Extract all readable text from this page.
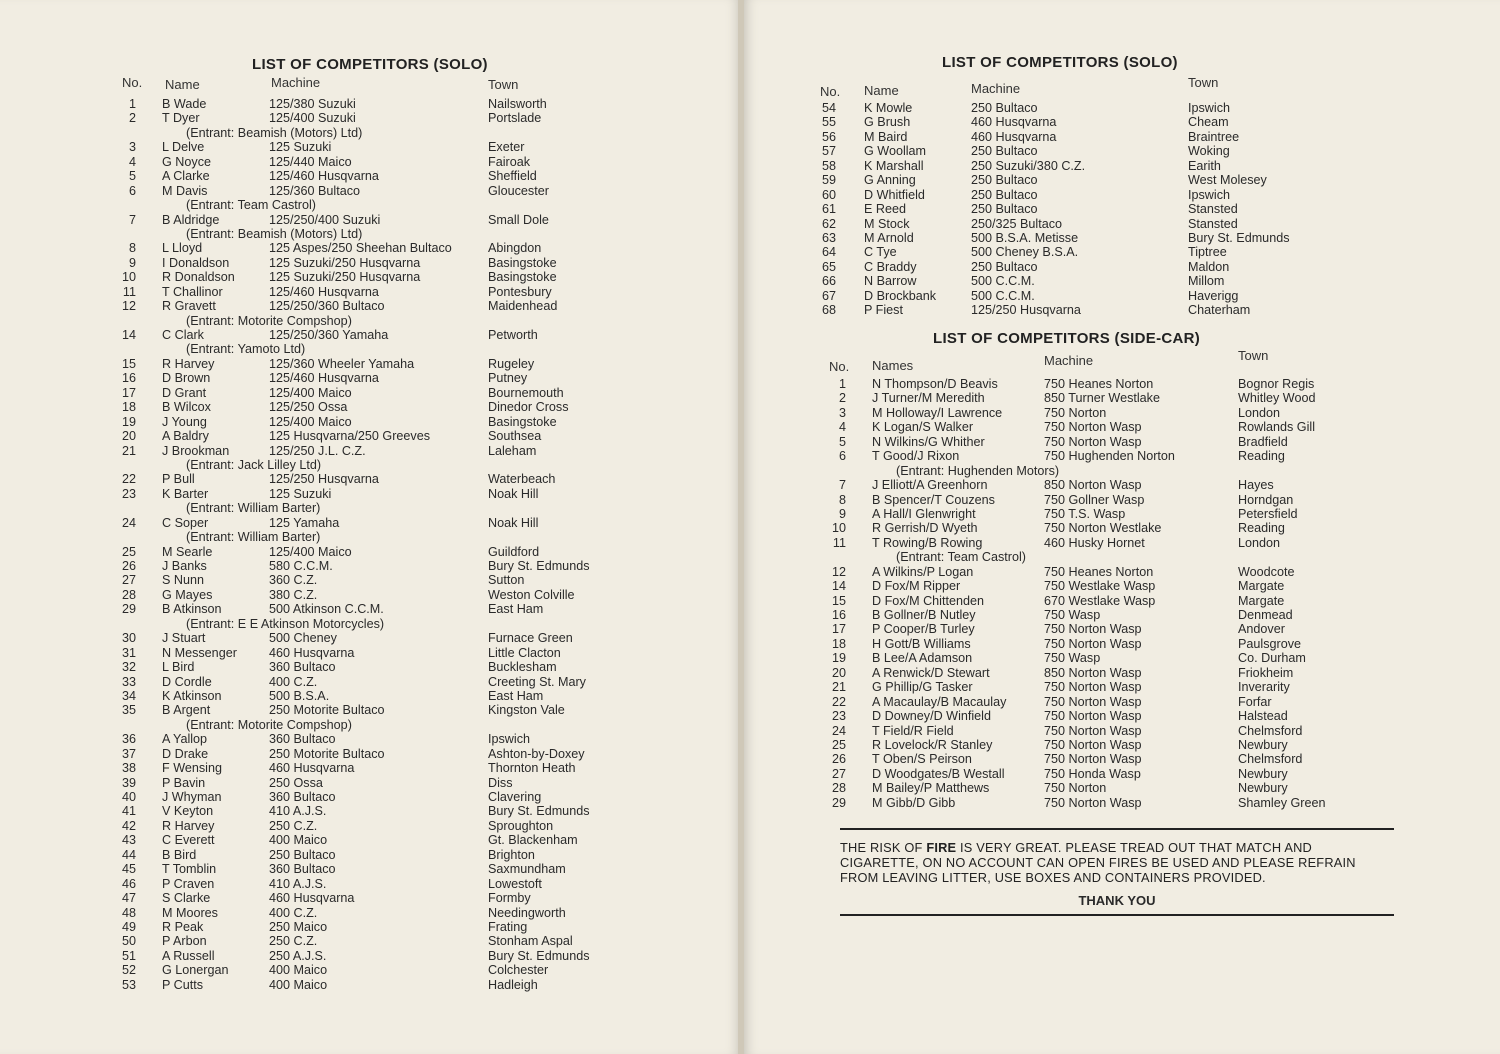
LIST OF COMPETITORS (SOLO)
No. Name	Machine	Town
1 B Wade	125/380 Suzuki	Nailsworth
2 T Dyer	125/400 Suzuki	Portslade
(Entrant: Beamish (Motors) Ltd)
3 L Delve	125 Suzuki	Exeter
4 G Noyce	125/440 Maico	Fairoak
5 A Clarke	125/460 Husqvarna	Sheffield
6 M Davis	125/360 Bultaco	Gloucester
(Entrant: Team Castrol)
7 B Aldridge	125/250/400 Suzuki	Small Dole
(Entrant: Beamish (Motors) Ltd)
8 L Lloyd	125 Aspes/250 Sheehan Bultaco	Abingdon
9 I Donaldson	125 Suzuki/250 Husqvarna	Basingstoke
10 R Donaldson	125 Suzuki/250 Husqvarna	Basingstoke
11 T Challinor	125/460 Husqvarna	Pontesbury
12 R Gravett	125/250/360 Bultaco	Maidenhead
(Entrant: Motorite Compshop)
14 C Clark	125/250/360 Yamaha	Petworth
(Entrant: Yamoto Ltd)
15 R Harvey	125/360 Wheeler Yamaha	Rugeley
16 D Brown	125/460 Husqvarna	Putney
17 D Grant	125/400 Maico	Bournemouth
18 B Wilcox	125/250 Ossa	Dinedor Cross
19 J Young	125/400 Maico	Basingstoke
20 A Baldry	125 Husqvarna/250 Greeves	Southsea
21 J Brookman	125/250 J.L. C.Z.	Laleham
(Entrant: Jack Lilley Ltd)
22 P Bull	125/250 Husqvarna	Waterbeach
23 K Barter	125 Suzuki	Noak Hill
(Entrant: William Barter)
24 C Soper	125 Yamaha	Noak Hill
(Entrant: William Barter)
25 M Searle	125/400 Maico	Guildford
26 J Banks	580 C.C.M.	Bury St. Edmunds
27 S Nunn	360 C.Z.	Sutton
28 G Mayes	380 C.Z.	Weston Colville
29 B Atkinson	500 Atkinson C.C.M.	East Ham
(Entrant: E E Atkinson Motorcycles)
30 J Stuart	500 Cheney	Furnace Green
31 N Messenger	460 Husqvarna	Little Clacton
32 L Bird	360 Bultaco	Bucklesham
33 D Cordle	400 C.Z.	Creeting St. Mary
34 K Atkinson	500 B.S.A.	East Ham
35 B Argent	250 Motorite Bultaco	Kingston Vale
(Entrant: Motorite Compshop)
36 A Yallop	360 Bultaco	Ipswich
37 D Drake	250 Motorite Bultaco	Ashton-by-Doxey
38 F Wensing	460 Husqvarna	Thornton Heath
39 P Bavin	250 Ossa	Diss
40 J Whyman	360 Bultaco	Clavering
41 V Keyton	410 A.J.S.	Bury St. Edmunds
42 R Harvey	250 C.Z.	Sproughton
43 C Everett	400 Maico	Gt. Blackenham
44 B Bird	250 Bultaco	Brighton
45 T Tomblin	360 Bultaco	Saxmundham
46 P Craven	410 A.J.S.	Lowestoft
47 S Clarke	460 Husqvarna	Formby
48 M Moores	400 C.Z.	Needingworth
49 R Peak	250 Maico	Frating
50 P Arbon	250 C.Z.	Stonham Aspal
51 A Russell	250 A.J.S.	Bury St. Edmunds
52 G Lonergan	400 Maico	Colchester
53 P Cutts	400 Maico	Hadleigh
LIST OF COMPETITORS (SOLO)
No. Name	Machine	Town
54 K Mowle	250 Bultaco	Ipswich
55 G Brush	460 Husqvarna	Cheam
56 M Baird	460 Husqvarna	Braintree
57 G Woollam	250 Bultaco	Woking
58 K Marshall	250 Suzuki/380 C.Z.	Earith
59 G Anning	250 Bultaco	West Molesey
60 D Whitfield	250 Bultaco	Ipswich
61 E Reed	250 Bultaco	Stansted
62 M Stock	250/325 Bultaco	Stansted
63 M Arnold	500 B.S.A. Metisse	Bury St. Edmunds
64 C Tye	500 Cheney B.S.A.	Tiptree
65 C Braddy	250 Bultaco	Maldon
66 N Barrow	500 C.C.M.	Millom
67 D Brockbank	500 C.C.M.	Haverigg
68 P Fiest	125/250 Husqvarna	Chaterham
LIST OF COMPETITORS (SIDE-CAR)
No. Names	Machine	Town
1 N Thompson/D Beavis	750 Heanes Norton	Bognor Regis
2 J Turner/M Meredith	850 Turner Westlake	Whitley Wood
3 M Holloway/I Lawrence	750 Norton	London
4 K Logan/S Walker	750 Norton Wasp	Rowlands Gill
5 N Wilkins/G Whither	750 Norton Wasp	Bradfield
6 T Good/J Rixon	750 Hughenden Norton	Reading
(Entrant: Hughenden Motors)
7 J Elliott/A Greenhorn	850 Norton Wasp	Hayes
8 B Spencer/T Couzens	750 Gollner Wasp	Horndgan
9 A Hall/I Glenwright	750 T.S. Wasp	Petersfield
10 R Gerrish/D Wyeth	750 Norton Westlake	Reading
11 T Rowing/B Rowing	460 Husky Hornet	London
(Entrant: Team Castrol)
12 A Wilkins/P Logan	750 Heanes Norton	Woodcote
14 D Fox/M Ripper	750 Westlake Wasp	Margate
15 D Fox/M Chittenden	670 Westlake Wasp	Margate
16 B Gollner/B Nutley	750 Wasp	Denmead
17 P Cooper/B Turley	750 Norton Wasp	Andover
18 H Gott/B Williams	750 Norton Wasp	Paulsgrove
19 B Lee/A Adamson	750 Wasp	Co. Durham
20 A Renwick/D Stewart	850 Norton Wasp	Friokheim
21 G Phillip/G Tasker	750 Norton Wasp	Inverarity
22 A Macaulay/B Macaulay	750 Norton Wasp	Forfar
23 D Downey/D Winfield	750 Norton Wasp	Halstead
24 T Field/R Field	750 Norton Wasp	Chelmsford
25 R Lovelock/R Stanley	750 Norton Wasp	Newbury
26 T Oben/S Peirson	750 Norton Wasp	Chelmsford
27 D Woodgates/B Westall	750 Honda Wasp	Newbury
28 M Bailey/P Matthews	750 Norton	Newbury
29 M Gibb/D Gibb	750 Norton Wasp	Shamley Green
THE RISK OF FIRE IS VERY GREAT. PLEASE TREAD OUT THAT MATCH AND CIGARETTE, ON NO ACCOUNT CAN OPEN FIRES BE USED AND PLEASE REFRAIN FROM LEAVING LITTER, USE BOXES AND CONTAINERS PROVIDED.
THANK YOU
